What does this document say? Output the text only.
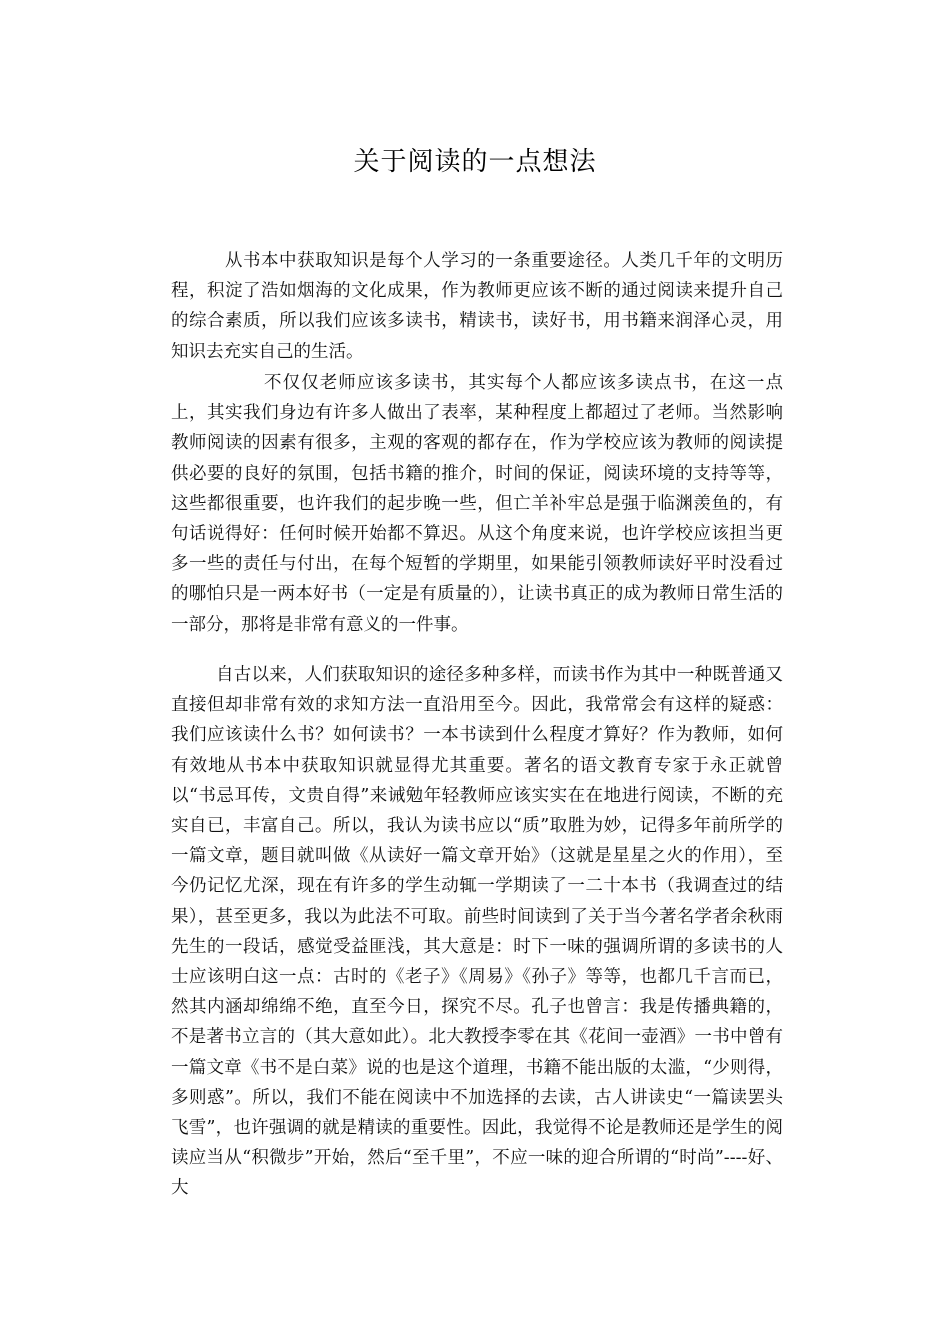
关于阅读的一点想法

从书本中获取知识是每个人学习的一条重要途径。人类几千年的文明历程，积淀了浩如烟海的文化成果，作为教师更应该不断的通过阅读来提升自己的综合素质，所以我们应该多读书，精读书，读好书，用书籍来润泽心灵，用知识去充实自己的生活。

不仅仅老师应该多读书，其实每个人都应该多读点书，在这一点上，其实我们身边有许多人做出了表率，某种程度上都超过了老师。当然影响教师阅读的因素有很多，主观的客观的都存在，作为学校应该为教师的阅读提供必要的良好的氛围，包括书籍的推介，时间的保证，阅读环境的支持等等，这些都很重要，也许我们的起步晚一些，但亡羊补牢总是强于临渊羡鱼的，有句话说得好：任何时候开始都不算迟。从这个角度来说，也许学校应该担当更多一些的责任与付出，在每个短暂的学期里，如果能引领教师读好平时没看过的哪怕只是一两本好书（一定是有质量的），让读书真正的成为教师日常生活的一部分，那将是非常有意义的一件事。

自古以来，人们获取知识的途径多种多样，而读书作为其中一种既普通又直接但却非常有效的求知方法一直沿用至今。因此，我常常会有这样的疑惑：我们应该读什么书？如何读书？一本书读到什么程度才算好？作为教师，如何有效地从书本中获取知识就显得尤其重要。著名的语文教育专家于永正就曾以“书忌耳传，文贵自得”来诫勉年轻教师应该实实在在地进行阅读，不断的充实自已，丰富自己。所以，我认为读书应以“质”取胜为妙，记得多年前所学的一篇文章，题目就叫做《从读好一篇文章开始》（这就是星星之火的作用），至今仍记忆尤深，现在有许多的学生动辄一学期读了一二十本书（我调查过的结果），甚至更多，我以为此法不可取。前些时间读到了关于当今著名学者余秋雨先生的一段话，感觉受益匪浅，其大意是：时下一味的强调所谓的多读书的人士应该明白这一点：古时的《老子》《周易》《孙子》等等，也都几千言而已，然其内涵却绵绵不绝，直至今日，探究不尽。孔子也曾言：我是传播典籍的，不是著书立言的（其大意如此）。北大教授李零在其《花间一壶酒》一书中曾有一篇文章《书不是白菜》说的也是这个道理，书籍不能出版的太滥，“少则得，多则惑”。所以，我们不能在阅读中不加选择的去读，古人讲读史“一篇读罢头飞雪”，也许强调的就是精读的重要性。因此，我觉得不论是教师还是学生的阅读应当从“积微步”开始，然后“至千里”，不应一味的迎合所谓的“时尚”----好、大
